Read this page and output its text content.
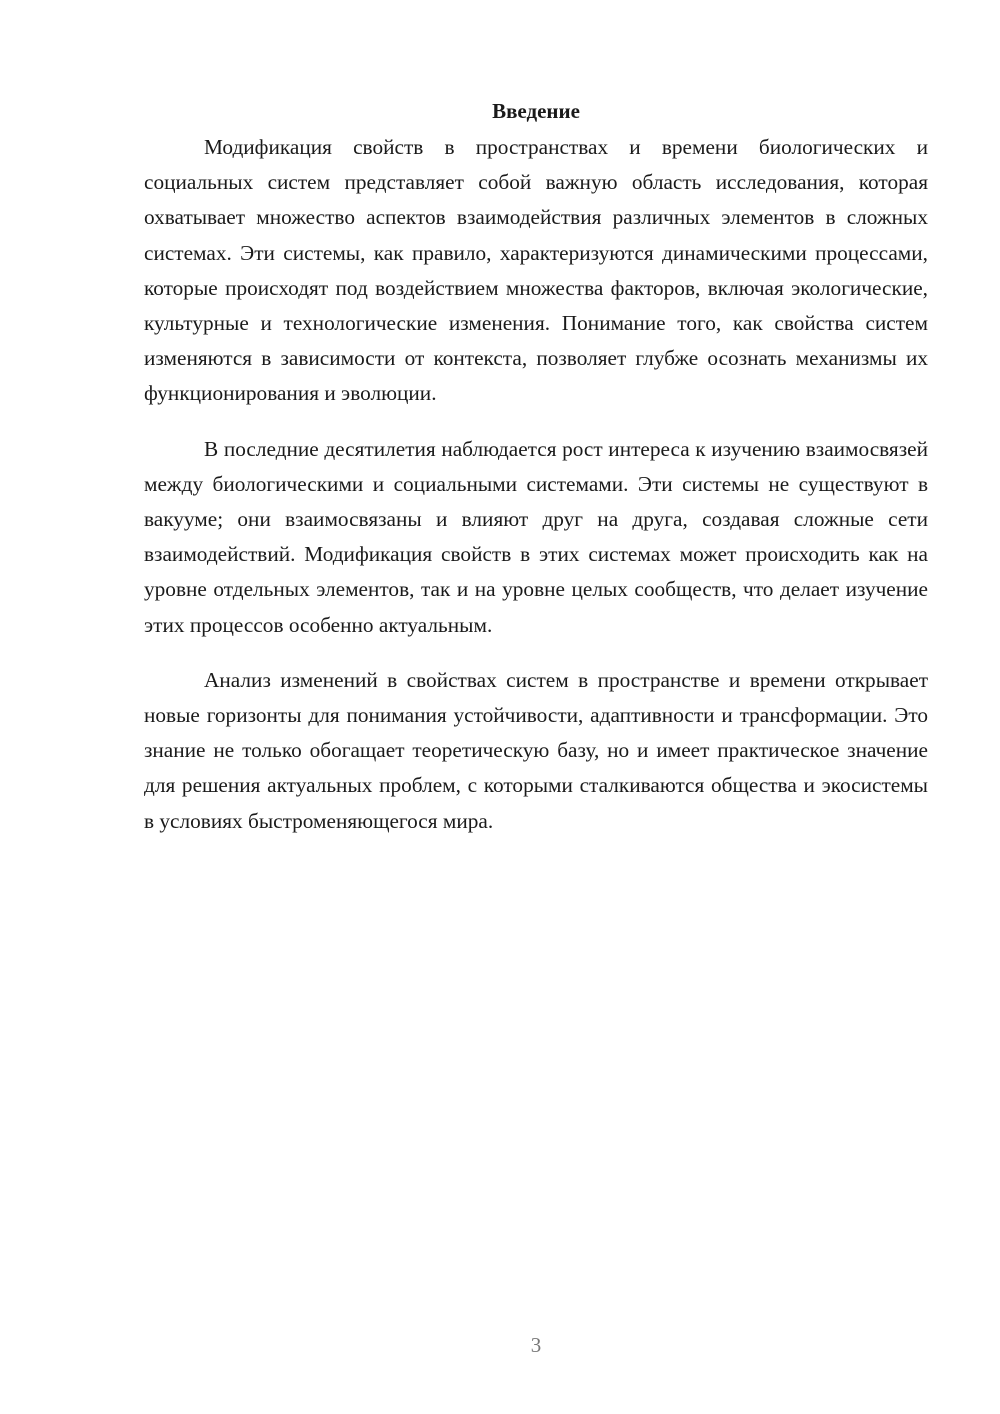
Введение

Модификация свойств в пространствах и времени биологических и социальных систем представляет собой важную область исследования, которая охватывает множество аспектов взаимодействия различных элементов в сложных системах. Эти системы, как правило, характеризуются динамическими процессами, которые происходят под воздействием множества факторов, включая экологические, культурные и технологические изменения. Понимание того, как свойства систем изменяются в зависимости от контекста, позволяет глубже осознать механизмы их функционирования и эволюции.

В последние десятилетия наблюдается рост интереса к изучению взаимосвязей между биологическими и социальными системами. Эти системы не существуют в вакууме; они взаимосвязаны и влияют друг на друга, создавая сложные сети взаимодействий. Модификация свойств в этих системах может происходить как на уровне отдельных элементов, так и на уровне целых сообществ, что делает изучение этих процессов особенно актуальным.

Анализ изменений в свойствах систем в пространстве и времени открывает новые горизонты для понимания устойчивости, адаптивности и трансформации. Это знание не только обогащает теоретическую базу, но и имеет практическое значение для решения актуальных проблем, с которыми сталкиваются общества и экосистемы в условиях быстроменяющегося мира.

3
